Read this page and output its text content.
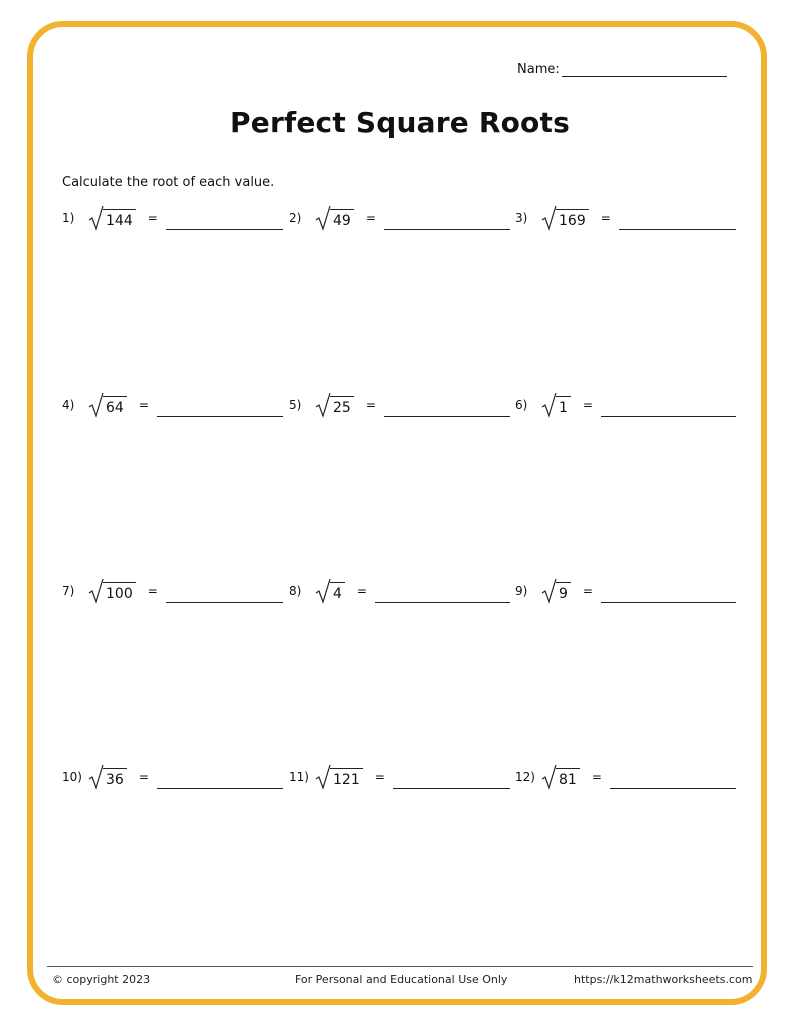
Name:
Perfect Square Roots
Calculate the root of each value.
1)	144 =	2)	49 =	3)	169 =
4)	64 =	5)	25 =	6)	1 =
7)	100 =	8)	4 =	9)	9 =
10)	36 =	11)	121 =	12)	81 =
© copyright 2023	For Personal and Educational Use Only	https://k12mathworksheets.com
